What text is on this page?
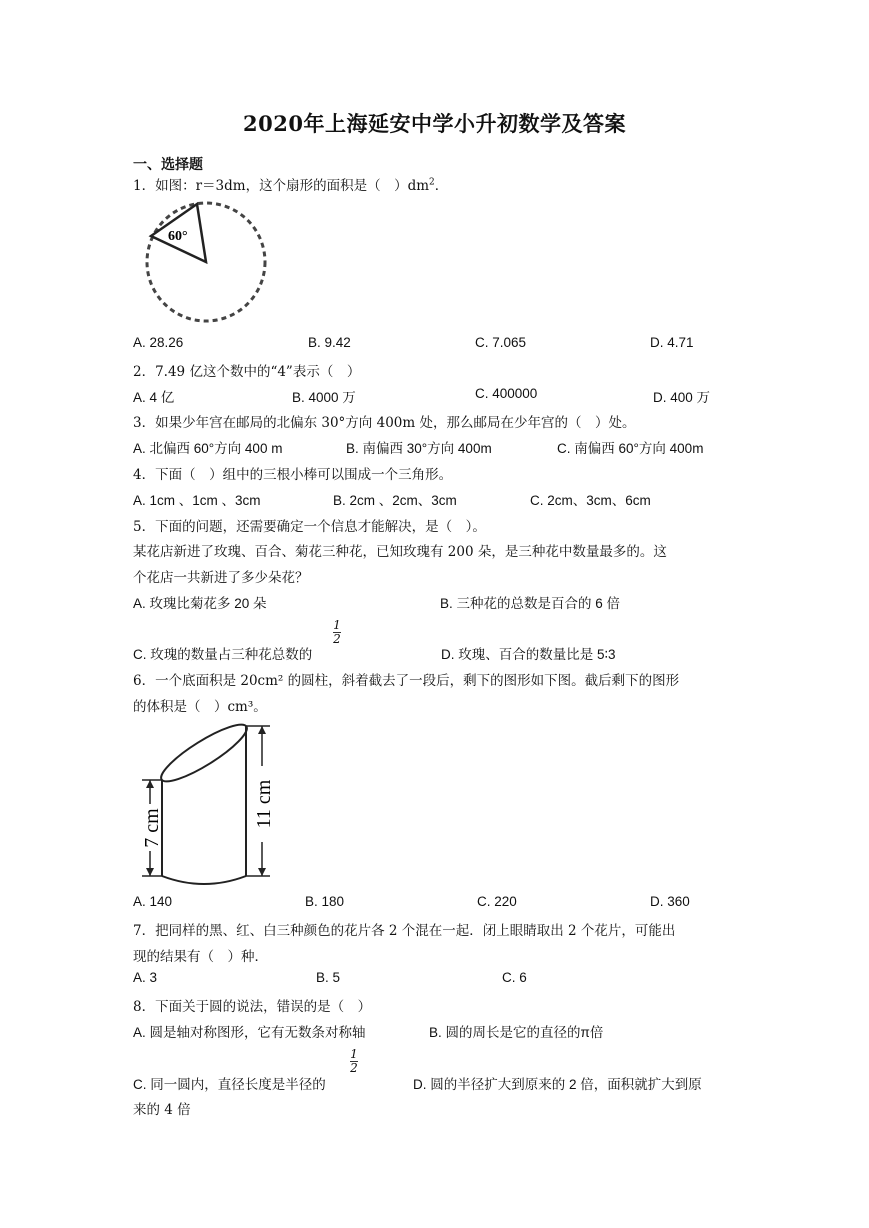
2020年上海延安中学小升初数学及答案
一、选择题
1．如图：r＝3dm，这个扇形的面积是（　）$dm^2$．
60°
A. 28.26	B. 9.42	C. 7.065	D. 4.71
2．7.49 亿这个数中的“4”表示（　）
A. 4 亿	B. 4000 万	C. 400000	D. 400 万
3．如果少年宫在邮局的北偏东 30°方向 400m 处，那么邮局在少年宫的（　）处。
A. 北偏西 60°方向 400 m	B. 南偏西 30°方向 400m	C. 南偏西 60°方向 400m
4．下面（　）组中的三根小棒可以围成一个三角形。
A. 1cm 、1cm 、3cm	B. 2cm 、2cm、3cm	C. 2cm、3cm、6cm
5．下面的问题，还需要确定一个信息才能解决，是（　）。
某花店新进了玫瑰、百合、菊花三种花，已知玫瑰有 200 朵，是三种花中数量最多的。这
个花店一共新进了多少朵花？
A. 玫瑰比菊花多 20 朵	B. 三种花的总数是百合的 6 倍
C. 玫瑰的数量占三种花总数的
1
2
D. 玫瑰、百合的数量比是 5∶3
6．一个底面积是 20cm² 的圆柱，斜着截去了一段后，剩下的图形如下图。截后剩下的图形
的体积是（　）cm³。
7 cm	11 cm
A. 140	B. 180	C. 220	D. 360
7．把同样的黑、红、白三种颜色的花片各 2 个混在一起．闭上眼睛取出 2 个花片，可能出
现的结果有（　）种．
A. 3	B. 5	C. 6
8．下面关于圆的说法，错误的是（　）
A. 圆是轴对称图形，它有无数条对称轴	B. 圆的周长是它的直径的π倍
C. 同一圆内，直径长度是半径的
1
2
D. 圆的半径扩大到原来的 2 倍，面积就扩大到原
来的 4 倍
